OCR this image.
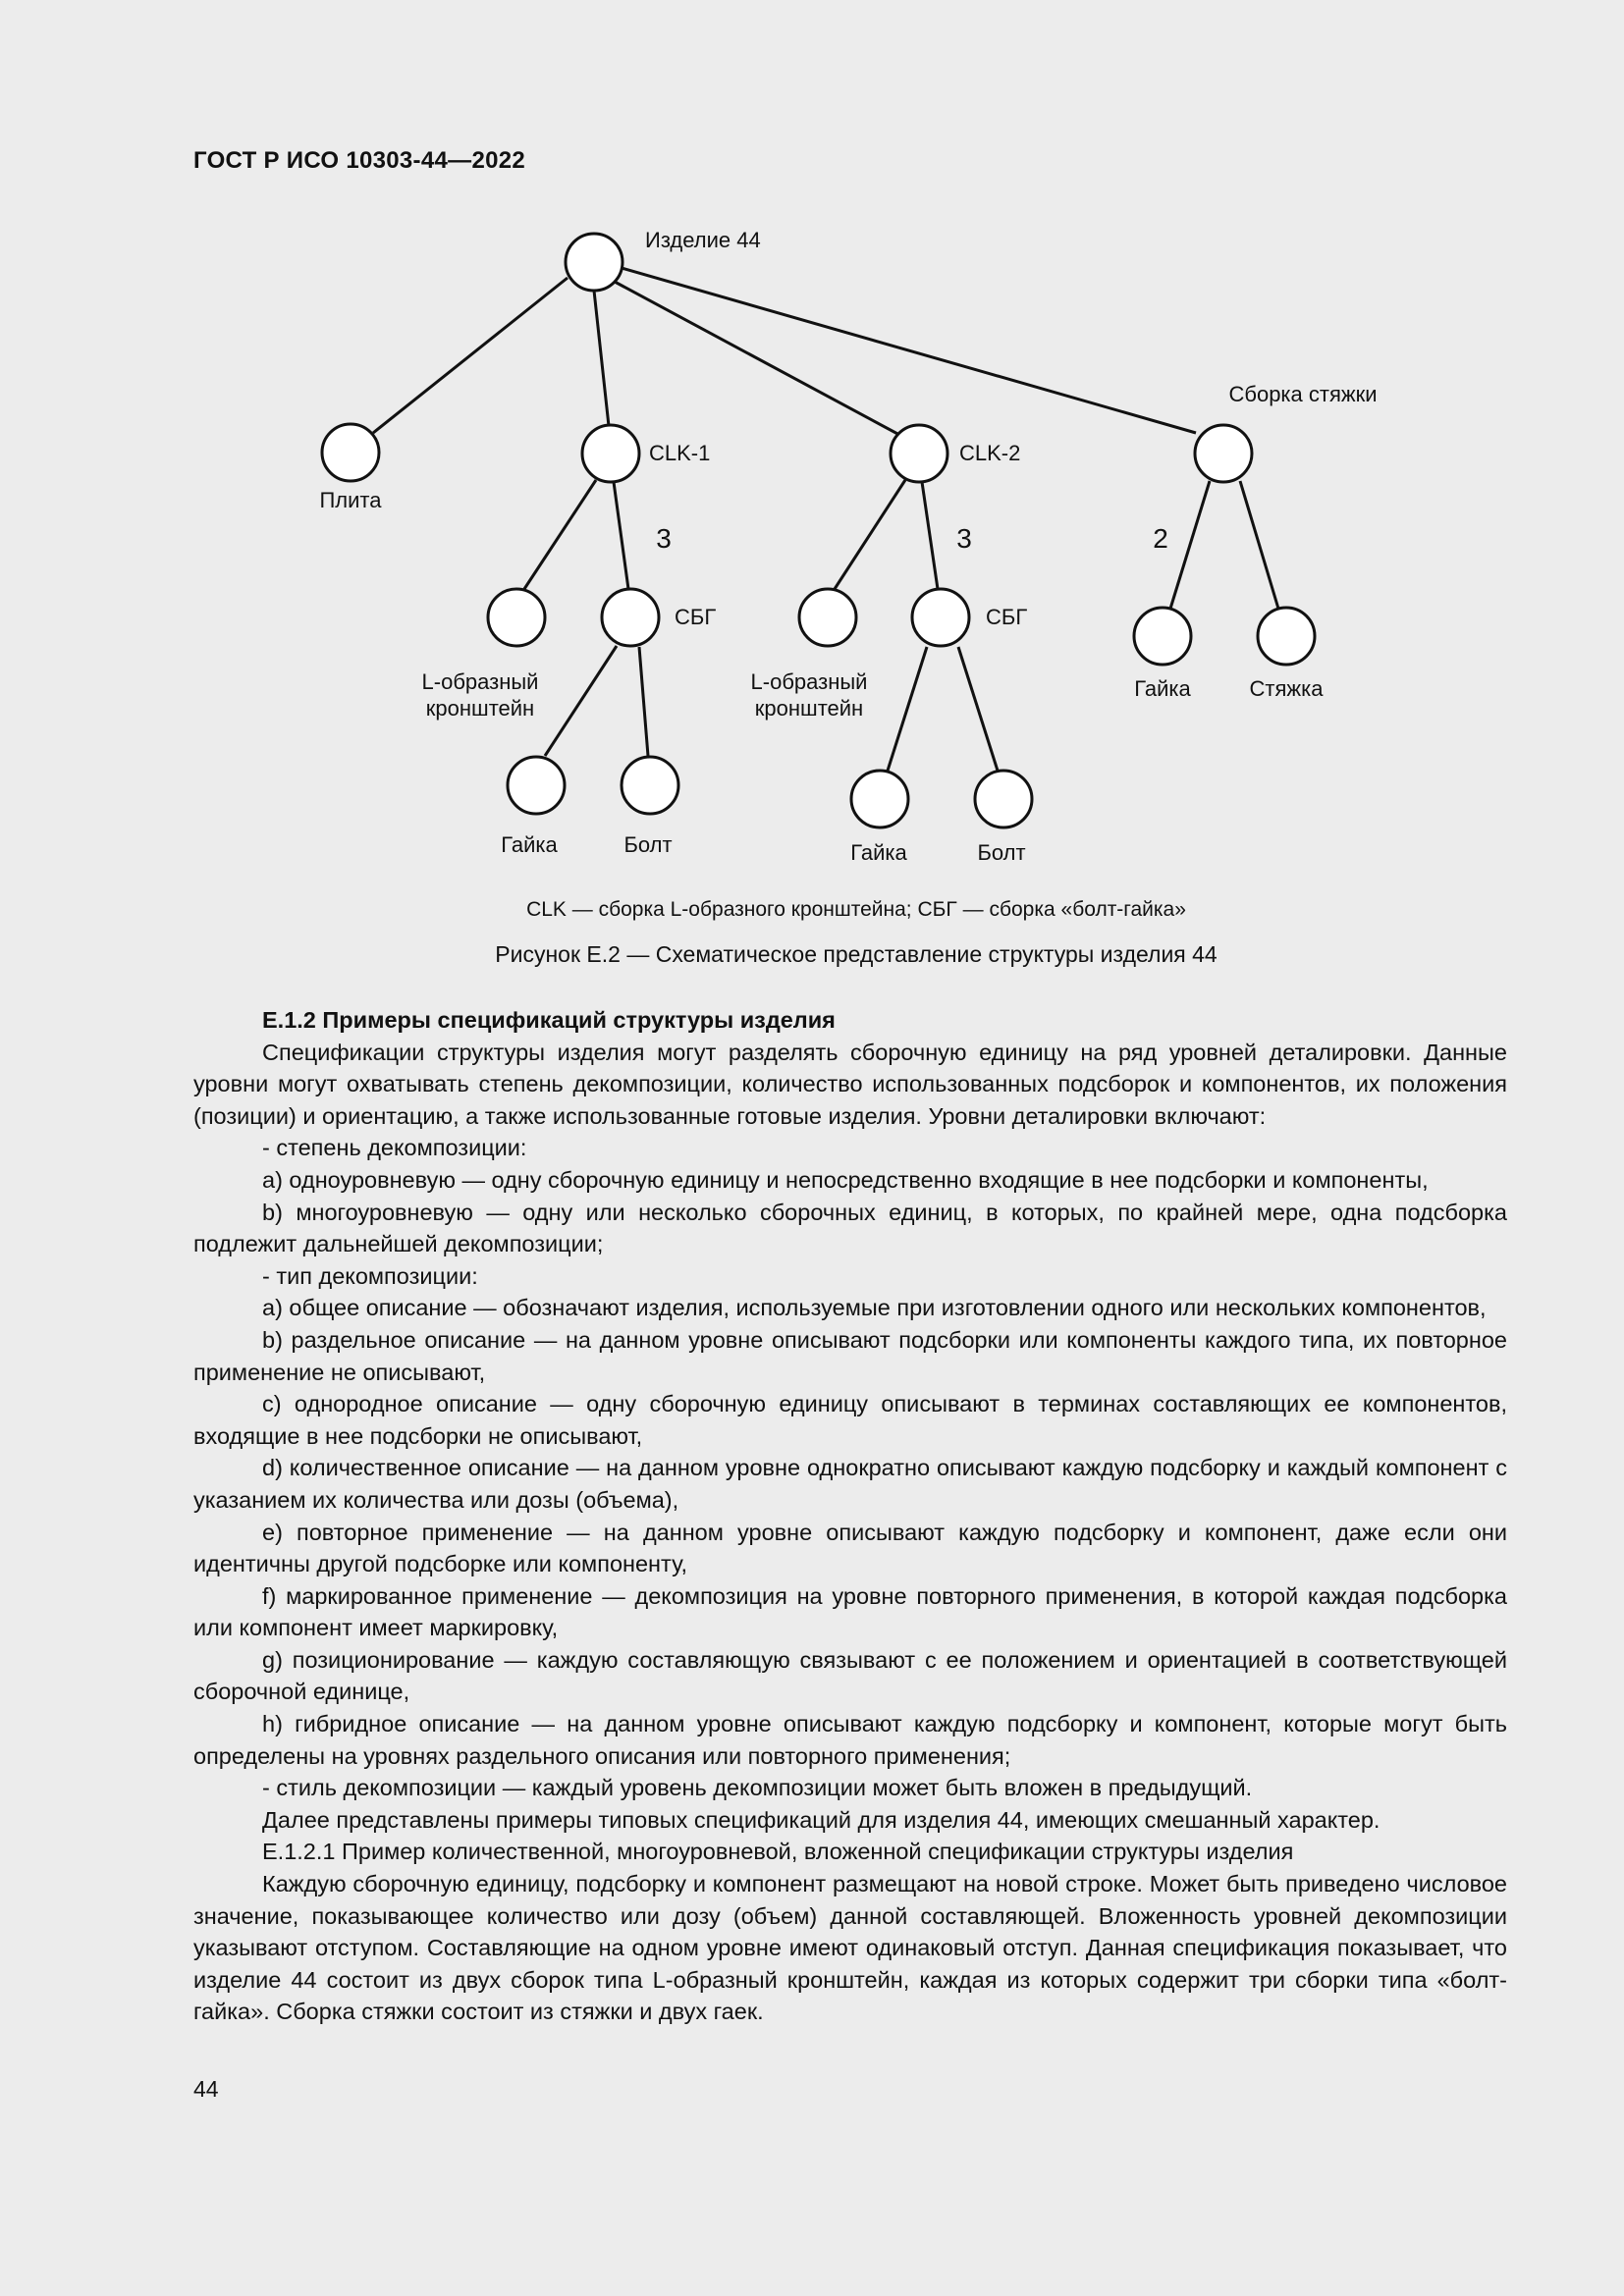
ГОСТ Р ИСО 10303-44—2022
Изделие 44
Плита
CLK-1	CLK-2
Сборка стяжки
3	3	2
L-образный
кронштейн
СБГ
L-образный
кронштейн
СБГ
Гайка	Стяжка
Гайка	Болт	Гайка	Болт
CLK — сборка L-образного кронштейна; СБГ — сборка «болт-гайка»
Рисунок Е.2 — Схематическое представление структуры изделия 44

Е.1.2 Примеры спецификаций структуры изделия

Спецификации структуры изделия могут разделять сборочную единицу на ряд уровней деталировки. Данные уровни могут охватывать степень декомпозиции, количество использованных подсборок и компонентов, их положения (позиции) и ориентацию, а также использованные готовые изделия. Уровни деталировки включают:

- степень декомпозиции:

a) одноуровневую — одну сборочную единицу и непосредственно входящие в нее подсборки и компоненты,

b) многоуровневую — одну или несколько сборочных единиц, в которых, по крайней мере, одна подсборка подлежит дальнейшей декомпозиции;

- тип декомпозиции:

a) общее описание — обозначают изделия, используемые при изготовлении одного или нескольких компонентов,

b) раздельное описание — на данном уровне описывают подсборки или компоненты каждого типа, их повторное применение не описывают,

c) однородное описание — одну сборочную единицу описывают в терминах составляющих ее компонентов, входящие в нее подсборки не описывают,

d) количественное описание — на данном уровне однократно описывают каждую подсборку и каждый компонент с указанием их количества или дозы (объема),

e) повторное применение — на данном уровне описывают каждую подсборку и компонент, даже если они идентичны другой подсборке или компоненту,

f) маркированное применение — декомпозиция на уровне повторного применения, в которой каждая подсборка или компонент имеет маркировку,

g) позиционирование — каждую составляющую связывают с ее положением и ориентацией в соответствующей сборочной единице,

h) гибридное описание — на данном уровне описывают каждую подсборку и компонент, которые могут быть определены на уровнях раздельного описания или повторного применения;

- стиль декомпозиции — каждый уровень декомпозиции может быть вложен в предыдущий.

Далее представлены примеры типовых спецификаций для изделия 44, имеющих смешанный характер.

Е.1.2.1 Пример количественной, многоуровневой, вложенной спецификации структуры изделия

Каждую сборочную единицу, подсборку и компонент размещают на новой строке. Может быть приведено числовое значение, показывающее количество или дозу (объем) данной составляющей. Вложенность уровней декомпозиции указывают отступом. Составляющие на одном уровне имеют одинаковый отступ. Данная спецификация показывает, что изделие 44 состоит из двух сборок типа L-образный кронштейн, каждая из которых содержит три сборки типа «болт-гайка». Сборка стяжки состоит из стяжки и двух гаек.

44
